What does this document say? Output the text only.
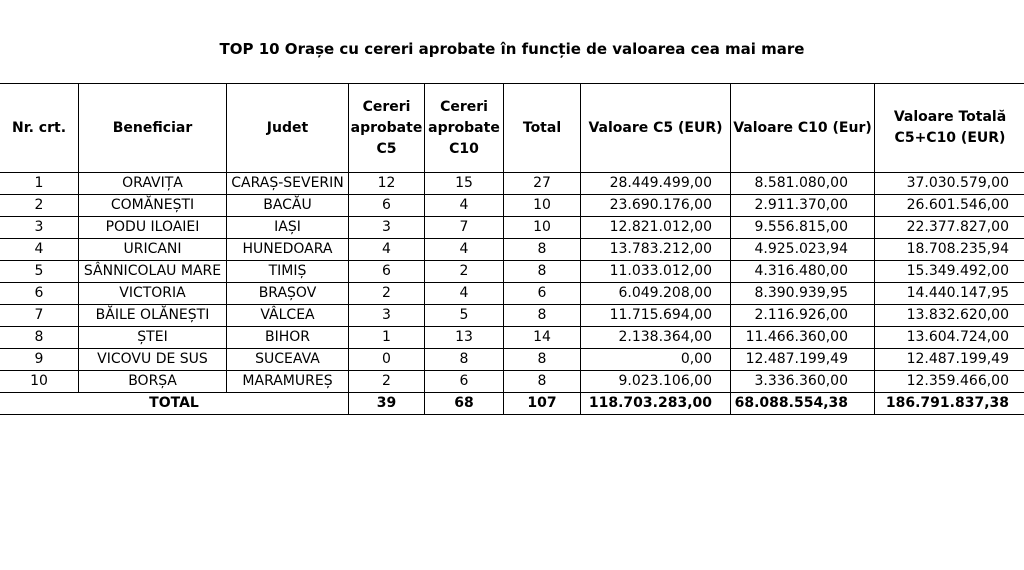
TOP 10 Orașe cu cereri aprobate în funcție de valoarea cea mai mare
Nr. crt.	Beneficiar	Judet	Cereri aprobate C5	Cereri aprobate C10	Total	Valoare C5 (EUR)	Valoare C10 (Eur)	Valoare Totală C5+C10 (EUR)
1	ORAVIȚA	CARAȘ-SEVERIN	12	15	27	28.449.499,00	8.581.080,00	37.030.579,00
2	COMĂNEȘTI	BACĂU	6	4	10	23.690.176,00	2.911.370,00	26.601.546,00
3	PODU ILOAIEI	IAȘI	3	7	10	12.821.012,00	9.556.815,00	22.377.827,00
4	URICANI	HUNEDOARA	4	4	8	13.783.212,00	4.925.023,94	18.708.235,94
5	SÂNNICOLAU MARE	TIMIȘ	6	2	8	11.033.012,00	4.316.480,00	15.349.492,00
6	VICTORIA	BRAȘOV	2	4	6	6.049.208,00	8.390.939,95	14.440.147,95
7	BĂILE OLĂNEȘTI	VÂLCEA	3	5	8	11.715.694,00	2.116.926,00	13.832.620,00
8	ȘTEI	BIHOR	1	13	14	2.138.364,00	11.466.360,00	13.604.724,00
9	VICOVU DE SUS	SUCEAVA	0	8	8	0,00	12.487.199,49	12.487.199,49
10	BORȘA	MARAMUREȘ	2	6	8	9.023.106,00	3.336.360,00	12.359.466,00
TOTAL			39	68	107	118.703.283,00	68.088.554,38	186.791.837,38
